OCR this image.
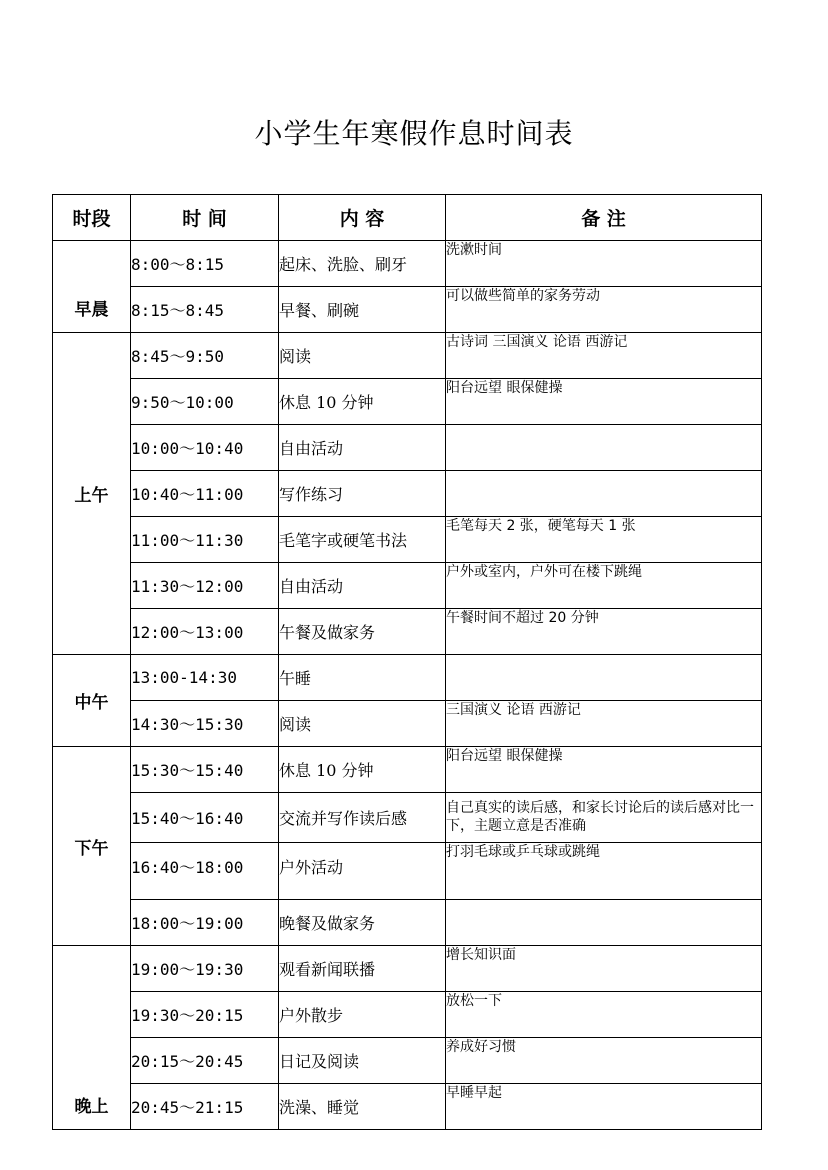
小学生年寒假作息时间表
时段	时 间	内 容	备 注
早晨	8:00～8:15	起床、洗脸、刷牙	洗漱时间
	8:15～8:45	早餐、刷碗	可以做些简单的家务劳动
上午	8:45～9:50	阅读	古诗词 三国演义 论语 西游记
	9:50～10:00	休息 10 分钟	阳台远望 眼保健操
	10:00～10:40	自由活动	
	10:40～11:00	写作练习	
	11:00～11:30	毛笔字或硬笔书法	毛笔每天 2 张，硬笔每天 1 张
	11:30～12:00	自由活动	户外或室内，户外可在楼下跳绳
	12:00～13:00	午餐及做家务	午餐时间不超过 20 分钟
中午	13:00-14:30	午睡	
	14:30～15:30	阅读	三国演义 论语 西游记
下午	15:30～15:40	休息 10 分钟	阳台远望 眼保健操
	15:40～16:40	交流并写作读后感	自己真实的读后感，和家长讨论后的读后感对比一下，主题立意是否准确
	16:40～18:00	户外活动	打羽毛球或乒乓球或跳绳
	18:00～19:00	晚餐及做家务	
晚上	19:00～19:30	观看新闻联播	增长知识面
	19:30～20:15	户外散步	放松一下
	20:15～20:45	日记及阅读	养成好习惯
	20:45～21:15	洗澡、睡觉	早睡早起
